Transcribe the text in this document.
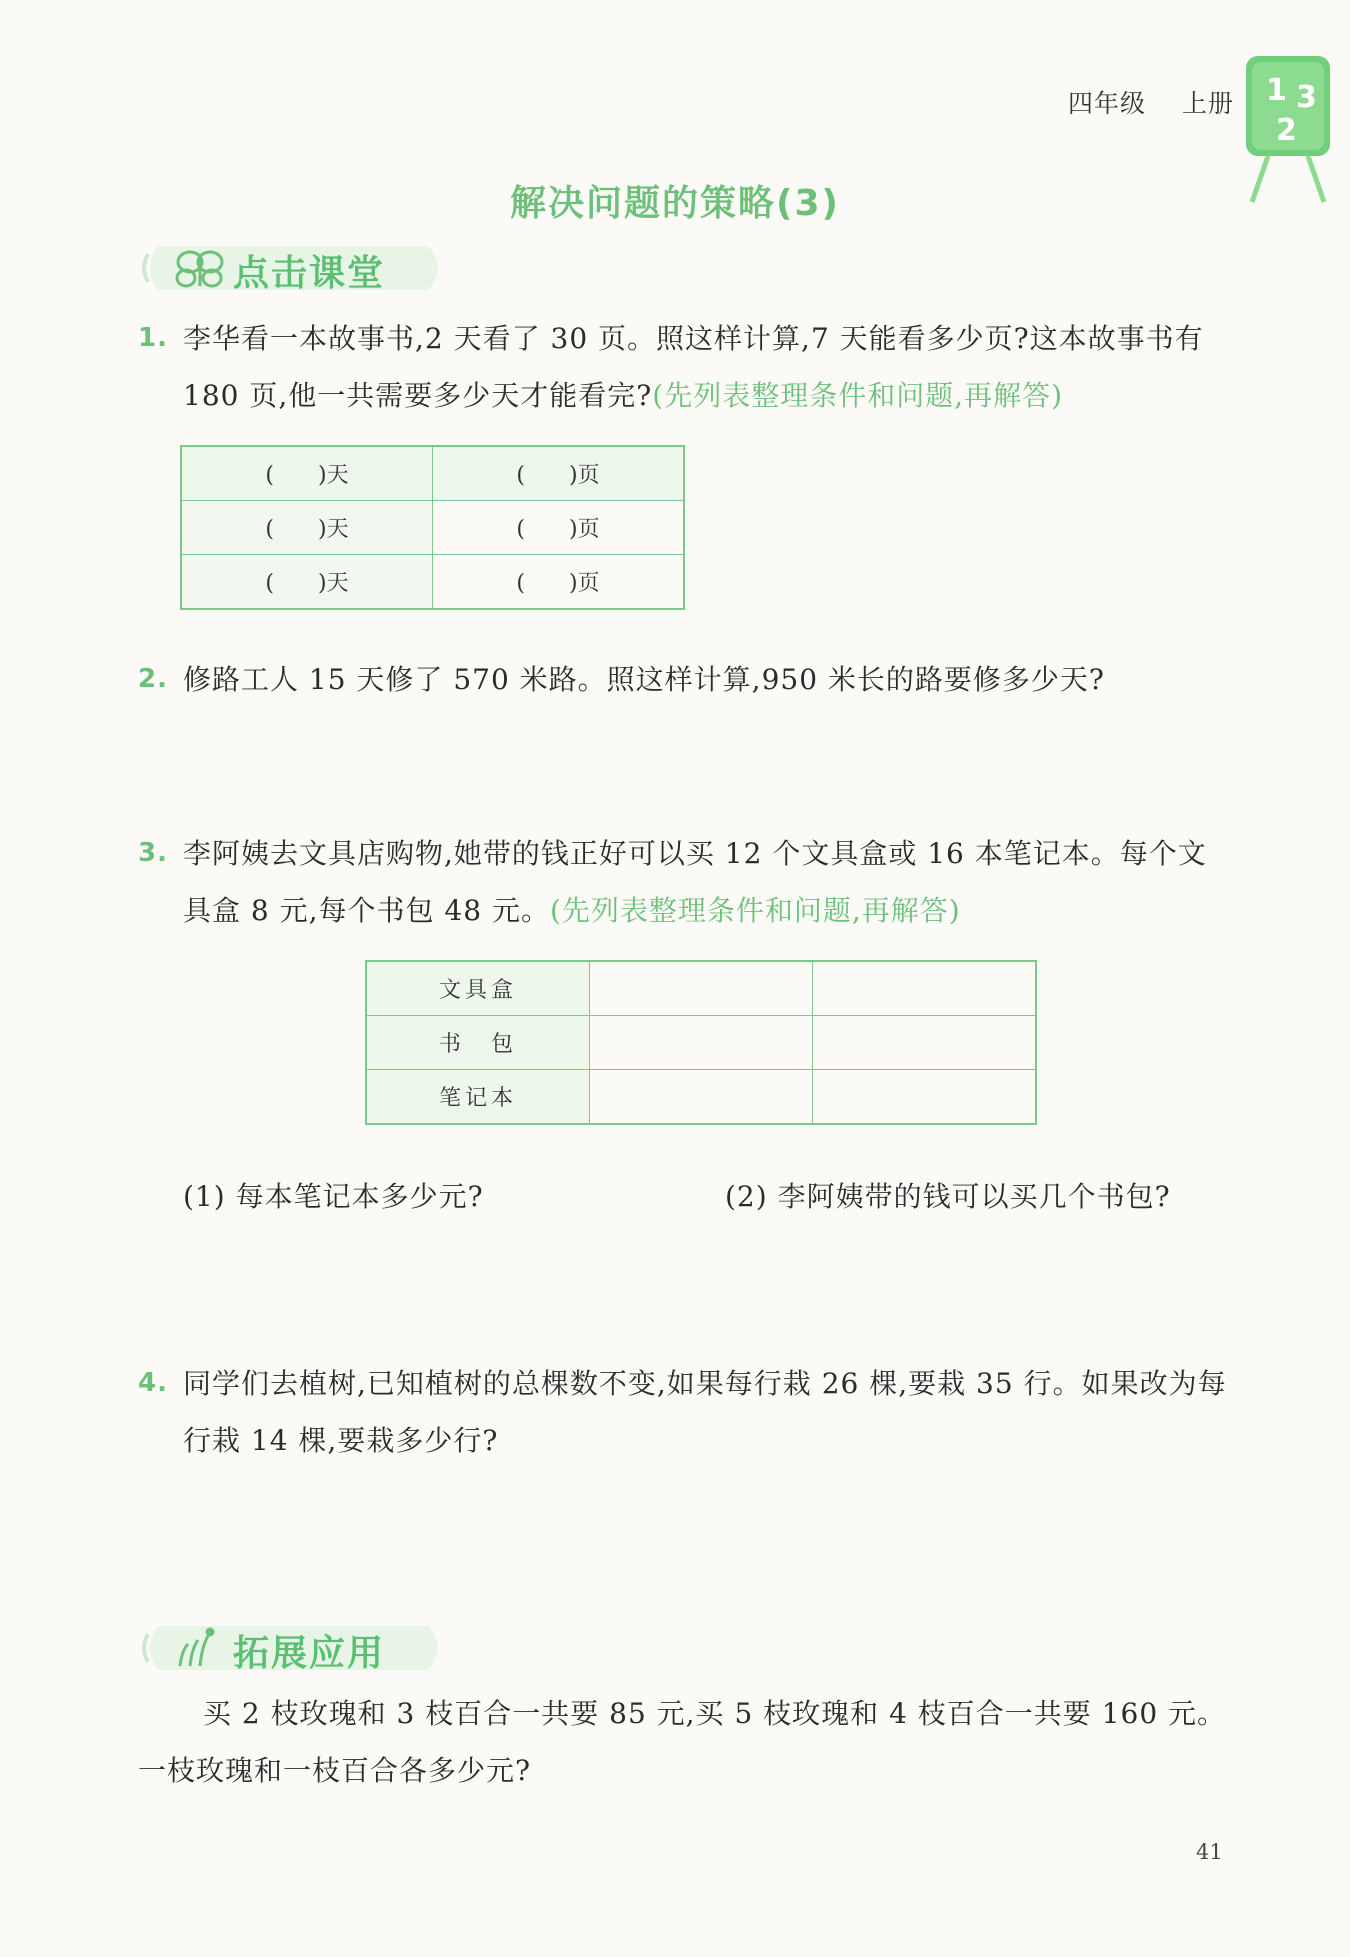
四年级 上册 1 3
2
解决问题的策略(3)
点击课堂
1. 李华看一本故事书,2 天看了 30 页。照这样计算,7 天能看多少页?这本故事书有 180 页,他一共需要多少天才能看完?(先列表整理条件和问题,再解答)
(　　)天	(　　)页
(　　)天	(　　)页
(　　)天	(　　)页
2. 修路工人 15 天修了 570 米路。照这样计算,950 米长的路要修多少天?
3. 李阿姨去文具店购物,她带的钱正好可以买 12 个文具盒或 16 本笔记本。每个文具盒 8 元,每个书包 48 元。(先列表整理条件和问题,再解答)
文具盒		
书　包		
笔记本		
(1) 每本笔记本多少元?	(2) 李阿姨带的钱可以买几个书包?
4. 同学们去植树,已知植树的总棵数不变,如果每行栽 26 棵,要栽 35 行。如果改为每行栽 14 棵,要栽多少行?
拓展应用
买 2 枝玫瑰和 3 枝百合一共要 85 元,买 5 枝玫瑰和 4 枝百合一共要 160 元。一枝玫瑰和一枝百合各多少元?
41
